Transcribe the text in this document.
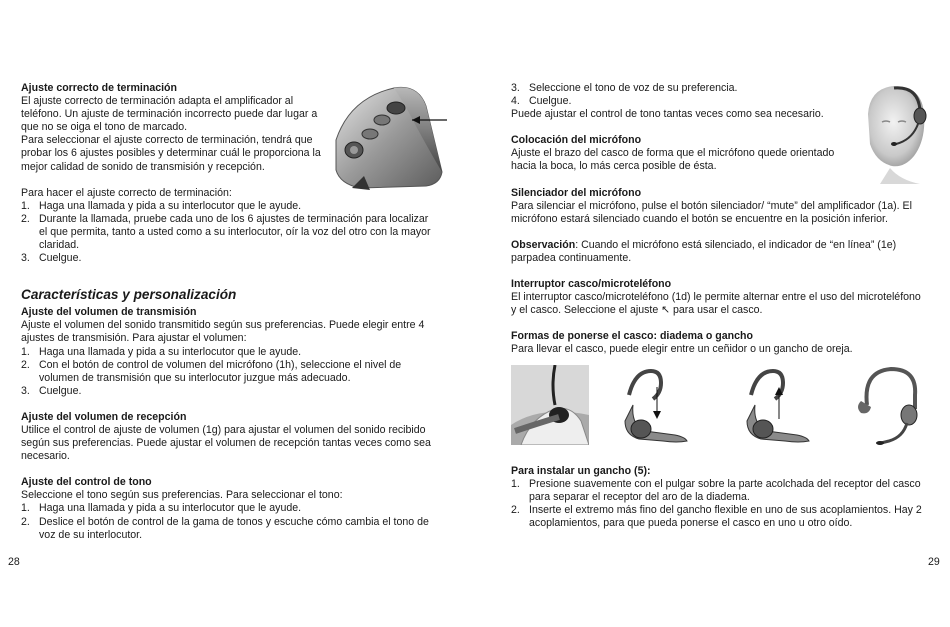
Ajuste correcto de terminación

El ajuste correcto de terminación adapta el amplificador al teléfono. Un ajuste de terminación incorrecto puede dar lugar a que no se oiga el tono de marcado.

Para seleccionar el ajuste correcto de terminación, tendrá que probar los 6 ajustes posibles y determinar cuál le proporciona la mejor calidad de sonido de transmisión y recepción.

Para hacer el ajuste correcto de terminación:

1. Haga una llamada y pida a su interlocutor que le ayude.
2. Durante la llamada, pruebe cada uno de los 6 ajustes de terminación para localizar el que permita, tanto a usted como a su interlocutor, oír la voz del otro con la mayor claridad.
3. Cuelgue.

Características y personalización

Ajuste del volumen de transmisión

Ajuste el volumen del sonido transmitido según sus preferencias. Puede elegir entre 4 ajustes de transmisión. Para ajustar el volumen:

1. Haga una llamada y pida a su interlocutor que le ayude.
2. Con el botón de control de volumen del micrófono (1h), seleccione el nivel de volumen de transmisión que su interlocutor juzgue más adecuado.
3. Cuelgue.

Ajuste del volumen de recepción

Utilice el control de ajuste de volumen (1g) para ajustar el volumen del sonido recibido según sus preferencias. Puede ajustar el volumen de recepción tantas veces como sea necesario.

Ajuste del control de tono

Seleccione el tono según sus preferencias. Para seleccionar el tono:

1. Haga una llamada y pida a su interlocutor que le ayude.
2. Deslice el botón de control de la gama de tonos y escuche cómo cambia el tono de voz de su interlocutor.
28
3. Seleccione el tono de voz de su preferencia.
4. Cuelgue.

Puede ajustar el control de tono tantas veces como sea necesario.

Colocación del micrófono

Ajuste el brazo del casco de forma que el micrófono quede orientado hacia la boca, lo más cerca posible de ésta.

Silenciador del micrófono

Para silenciar el micrófono, pulse el botón silenciador/ “mute” del amplificador (1a). El micrófono estará silenciado cuando el botón se encuentre en la posición inferior.

Observación: Cuando el micrófono está silenciado, el indicador de “en línea” (1e) parpadea continuamente.

Interruptor casco/microteléfono

El interruptor casco/microteléfono (1d) le permite alternar entre el uso del microteléfono y el casco. Seleccione el ajuste ↖ para usar el casco.

Formas de ponerse el casco: diadema o gancho

Para llevar el casco, puede elegir entre un ceñidor o un gancho de oreja.

Para instalar un gancho (5):

1. Presione suavemente con el pulgar sobre la parte acolchada del receptor del casco para separar el receptor del aro de la diadema.
2. Inserte el extremo más fino del gancho flexible en uno de sus acoplamientos. Hay 2 acoplamientos, para que pueda ponerse el casco en uno u otro oído.
29
